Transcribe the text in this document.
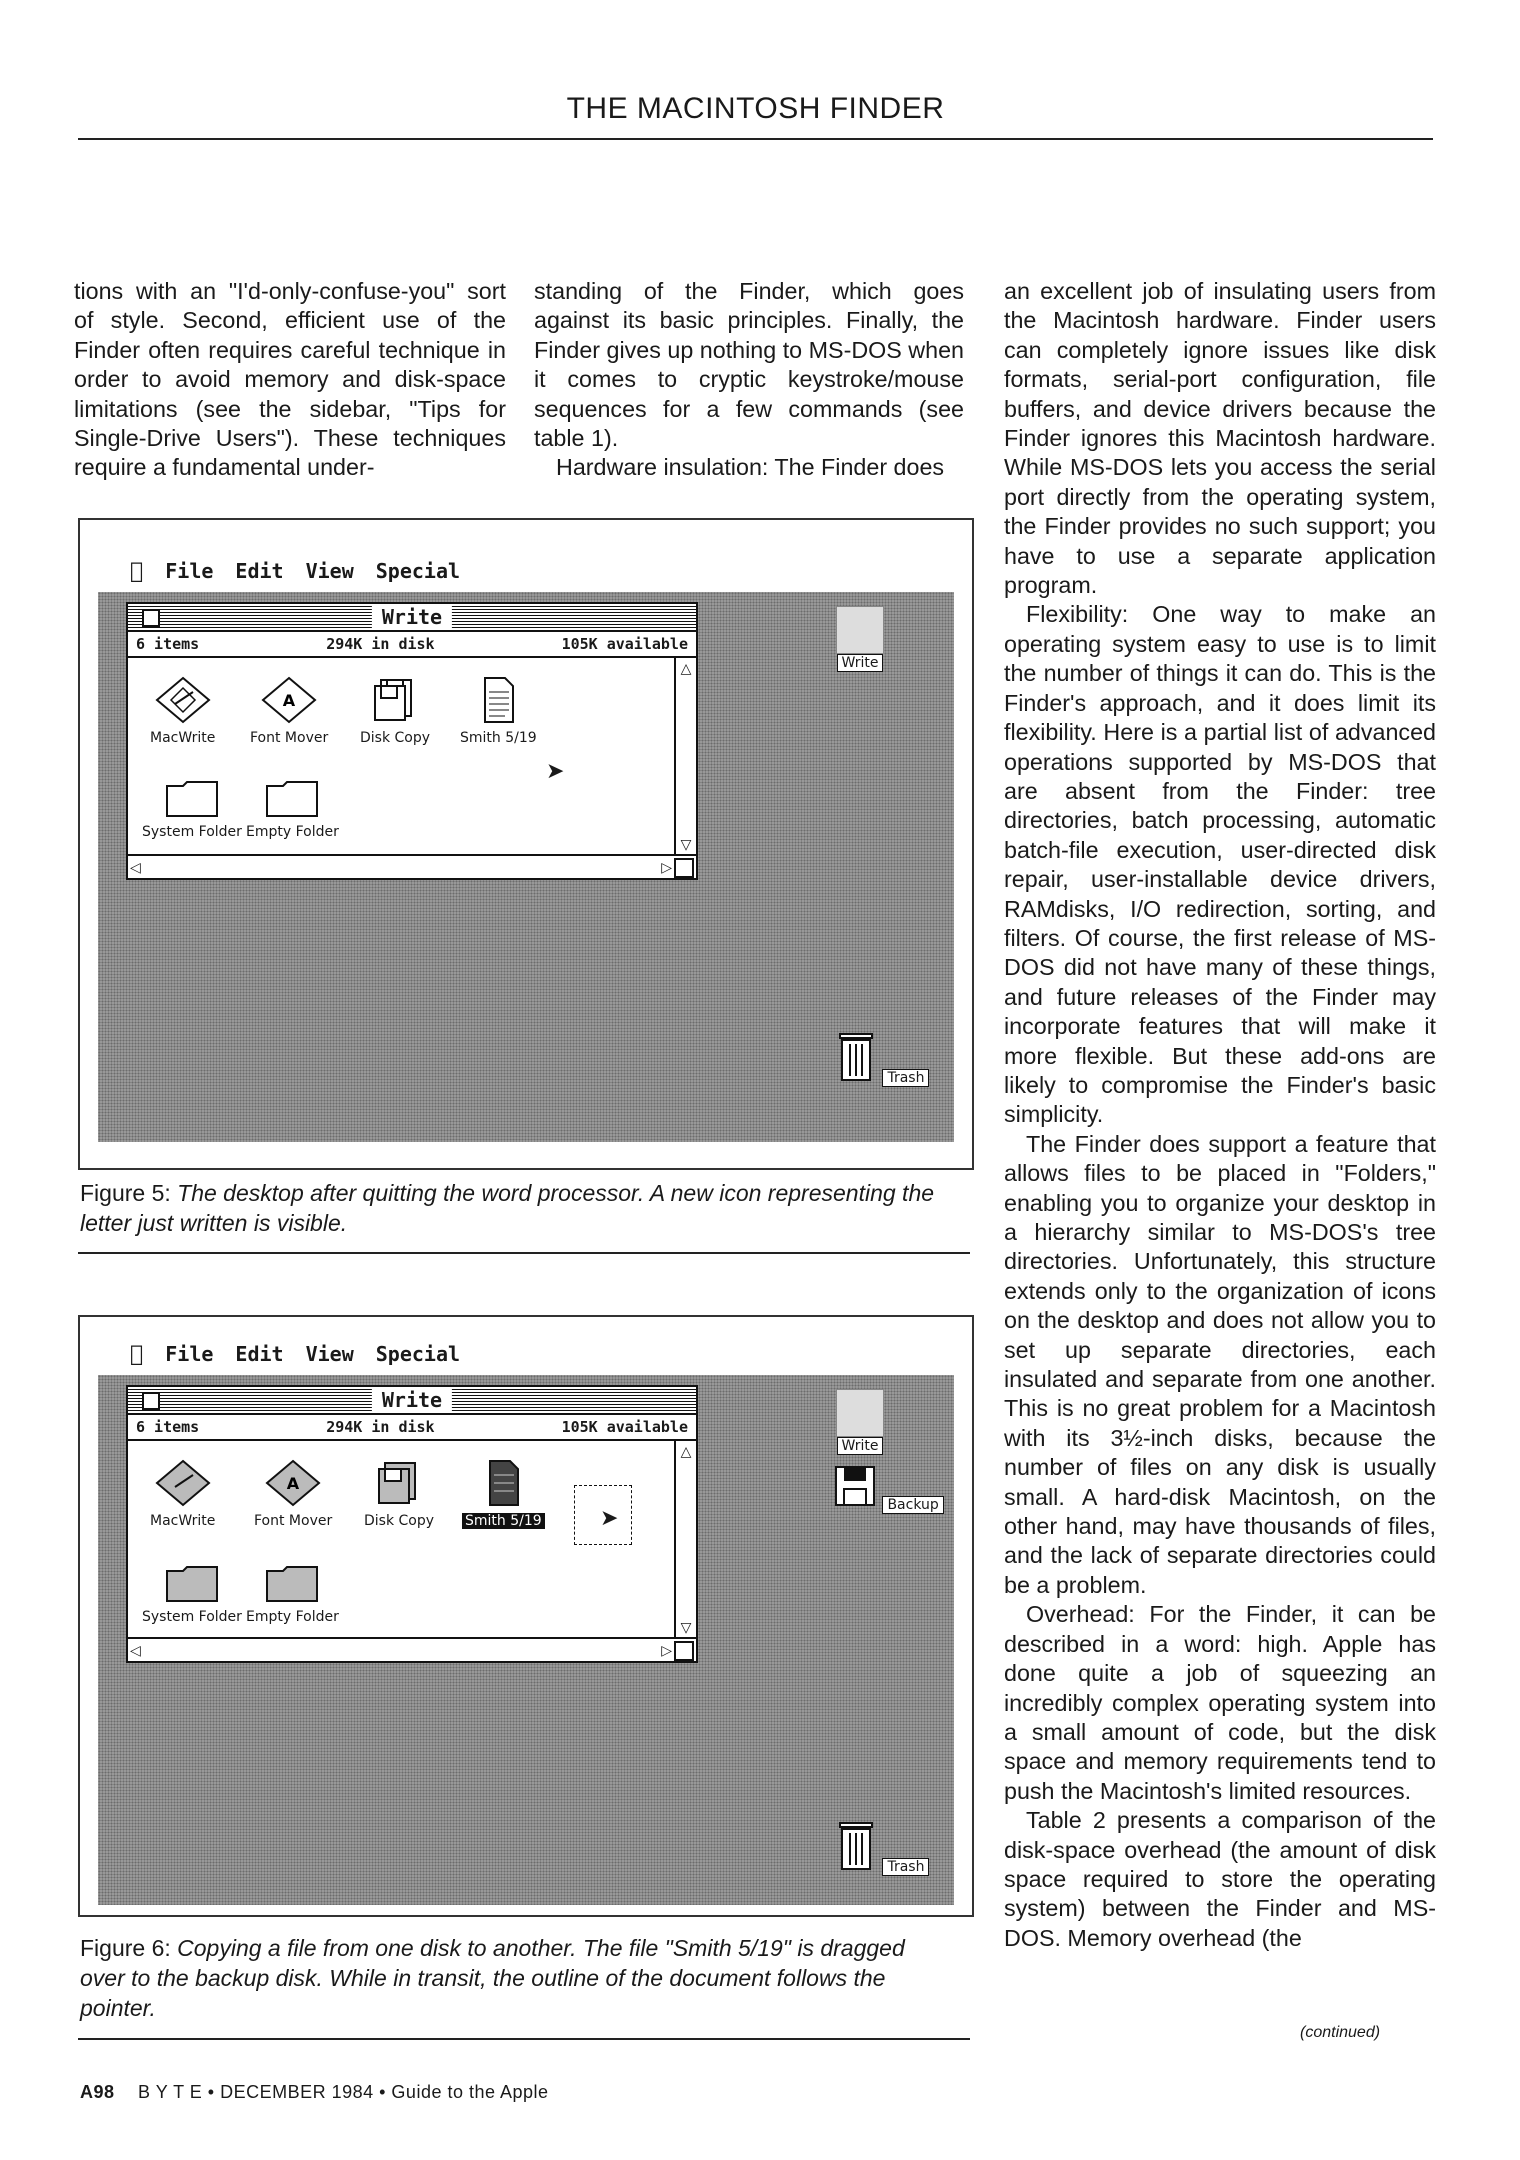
THE MACINTOSH FINDER

tions with an "I'd-only-confuse-you" sort of style. Second, efficient use of the Finder often requires careful technique in order to avoid memory and disk-space limitations (see the sidebar, "Tips for Single-Drive Users"). These techniques require a fundamental under-

standing of the Finder, which goes against its basic principles. Finally, the Finder gives up nothing to MS-DOS when it comes to cryptic keystroke/mouse sequences for a few commands (see table 1).

Hardware insulation: The Finder does

an excellent job of insulating users from the Macintosh hardware. Finder users can completely ignore issues like disk formats, serial-port configuration, file buffers, and device drivers because the Finder ignores this Macintosh hardware. While MS-DOS lets you access the serial port directly from the operating system, the Finder provides no such support; you have to use a separate application program.

Flexibility: One way to make an operating system easy to use is to limit the number of things it can do. This is the Finder's approach, and it does limit its flexibility. Here is a partial list of advanced operations supported by MS-DOS that are absent from the Finder: tree directories, batch processing, automatic batch-file execution, user-directed disk repair, user-installable device drivers, RAMdisks, I/O redirection, sorting, and filters. Of course, the first release of MS-DOS did not have many of these things, and future releases of the Finder may incorporate features that will make it more flexible. But these add-ons are likely to compromise the Finder's basic simplicity.

The Finder does support a feature that allows files to be placed in "Folders," enabling you to organize your desktop in a hierarchy similar to MS-DOS's tree directories. Unfortunately, this structure extends only to the organization of icons on the desktop and does not allow you to set up separate directories, each insulated and separate from one another. This is no great problem for a Macintosh with its 3½-inch disks, because the number of files on any disk is usually small. A hard-disk Macintosh, on the other hand, may have thousands of files, and the lack of separate directories could be a problem.

Overhead: For the Finder, it can be described in a word: high. Apple has done quite a job of squeezing an incredibly complex operating system into a small amount of code, but the disk space and memory requirements tend to push the Macintosh's limited resources.

Table 2 presents a comparison of the disk-space overhead (the amount of disk space required to store the operating system) between the Finder and MS-DOS. Memory overhead (the

(continued)
File Edit View Special
Write
6 items	294K in disk	105K available
MacWrite
A
Font Mover Disk Copy Smith 5/19
➤
System Folder Empty Folder
△
▽
◁	▷
Write
Trash
Figure 5: The desktop after quitting the word processor. A new icon representing the letter just written is visible.
File Edit View Special
Write
6 items	294K in disk	105K available
MacWrite
A
Font Mover Disk Copy Smith 5/19	➤
System Folder Empty Folder
△
▽
◁	▷
Write
Backup
Trash
Figure 6: Copying a file from one disk to another. The file "Smith 5/19" is dragged over to the backup disk. While in transit, the outline of the document follows the pointer.
A98 B Y T E • DECEMBER 1984 • Guide to the Apple
